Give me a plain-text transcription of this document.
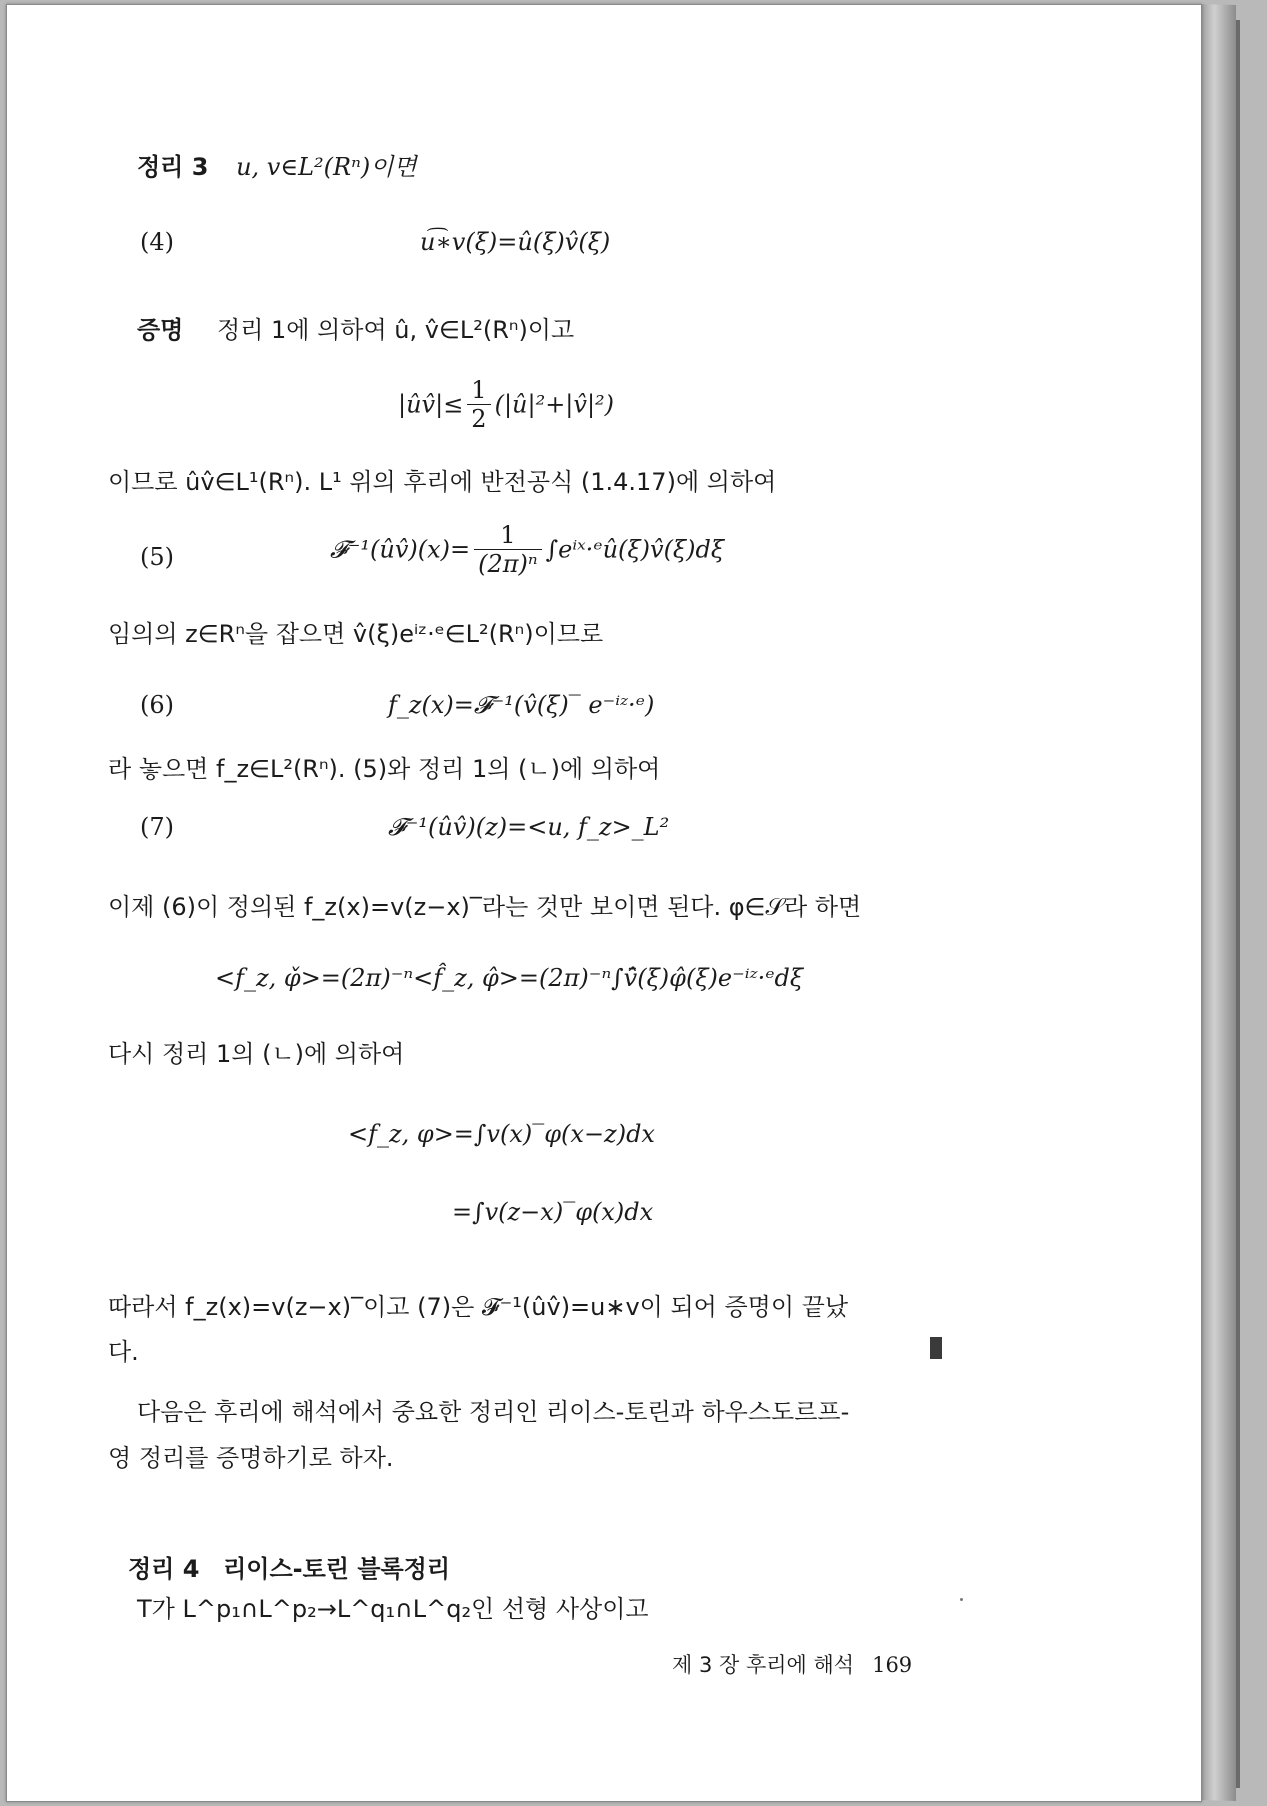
정리 3 u, v∈L²(Rⁿ)이면
(4)	u͡∗v(ξ)=û(ξ)v̂(ξ)
증명 정리 1에 의하여 û, v̂∈L²(Rⁿ)이고
|ûv̂|≤ $\frac{1}{2}$ (|û|²+|v̂|²)
이므로 ûv̂∈L¹(Rⁿ). L¹ 위의 후리에 반전공식 (1.4.17)에 의하여
(5)	𝓕⁻¹(ûv̂)(x)= $\frac{1}{\text{(2π)ⁿ}}$ ∫eⁱˣ·ᵉû(ξ)v̂(ξ)dξ
임의의 z∈Rⁿ을 잡으면 v̂(ξ)eⁱᶻ·ᵉ∈L²(Rⁿ)이므로
(6)	f_z(x)=𝓕⁻¹(v̂(ξ)‾ e⁻ⁱᶻ·ᵉ)
라 놓으면 f_z∈L²(Rⁿ). (5)와 정리 1의 (ㄴ)에 의하여
(7)	𝓕⁻¹(ûv̂)(z)=<u, f_z>_L²
이제 (6)이 정의된 f_z(x)=v(z−x)‾라는 것만 보이면 된다. φ∈𝒮라 하면
<f_z, φ̌>=(2π)⁻ⁿ<f̂_z, φ̂>=(2π)⁻ⁿ∫v̂̄(ξ)φ̂(ξ)e⁻ⁱᶻ·ᵉdξ
다시 정리 1의 (ㄴ)에 의하여
<f_z, φ>=∫v(x)‾φ(x−z)dx
=∫v(z−x)‾φ(x)dx
따라서 f_z(x)=v(z−x)‾이고 (7)은 𝓕⁻¹(ûv̂)=u∗v이 되어 증명이 끝났
다.
다음은 후리에 해석에서 중요한 정리인 리이스-토린과 하우스도르프-
영 정리를 증명하기로 하자.
정리 4 리이스-토린 블록정리
T가 L^p₁∩L^p₂→L^q₁∩L^q₂인 선형 사상이고
제 3 장 후리에 해석 169
